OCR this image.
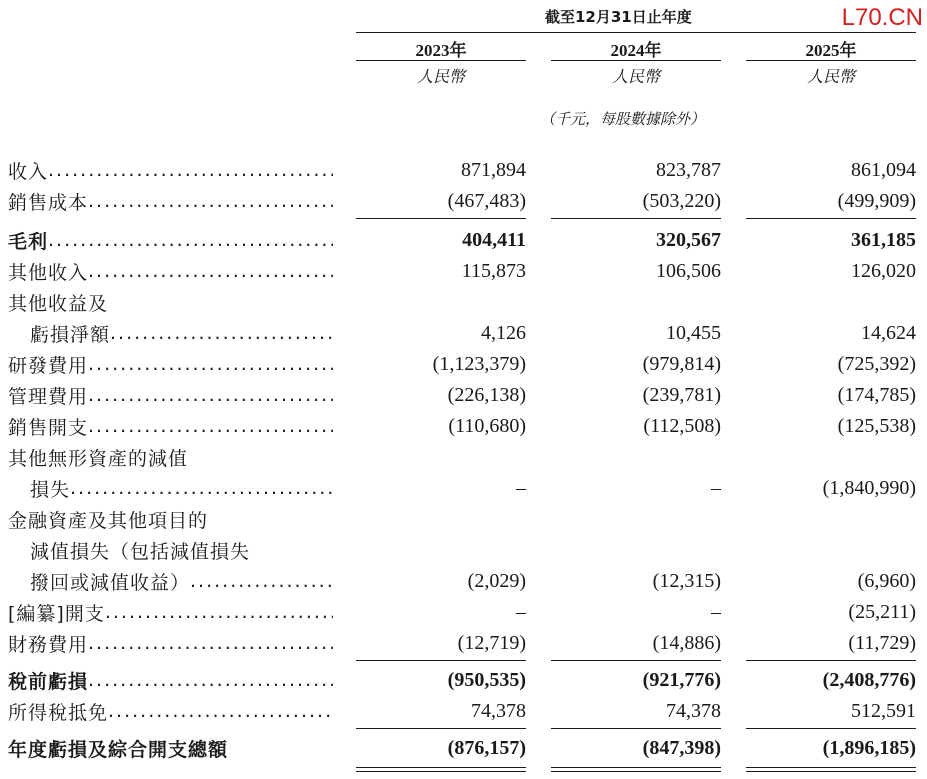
L70.CN
截至12月31日止年度
2023年	2024年	2025年
人民幣	人民幣	人民幣
（千元，每股數據除外）
收入 .....	871,894	823,787	861,094
銷售成本 .....	(467,483)	(503,220)	(499,909)
毛利 .....	404,411	320,567	361,185
其他收入 .....	115,873	106,506	126,020
其他收益及
虧損淨額 .....	4,126	10,455	14,624
研發費用 .....	(1,123,379)	(979,814)	(725,392)
管理費用 .....	(226,138)	(239,781)	(174,785)
銷售開支 .....	(110,680)	(112,508)	(125,538)
其他無形資產的減值
損失 .....	–	–	(1,840,990)
金融資產及其他項目的
減值損失（包括減值損失
撥回或減值收益） .....	(2,029)	(12,315)	(6,960)
[編纂]開支 .....	–	–	(25,211)
財務費用 .....	(12,719)	(14,886)	(11,729)
稅前虧損 .....	(950,535)	(921,776)	(2,408,776)
所得稅抵免 .....	74,378	74,378	512,591
年度虧損及綜合開支總額	(876,157)	(847,398)	(1,896,185)
